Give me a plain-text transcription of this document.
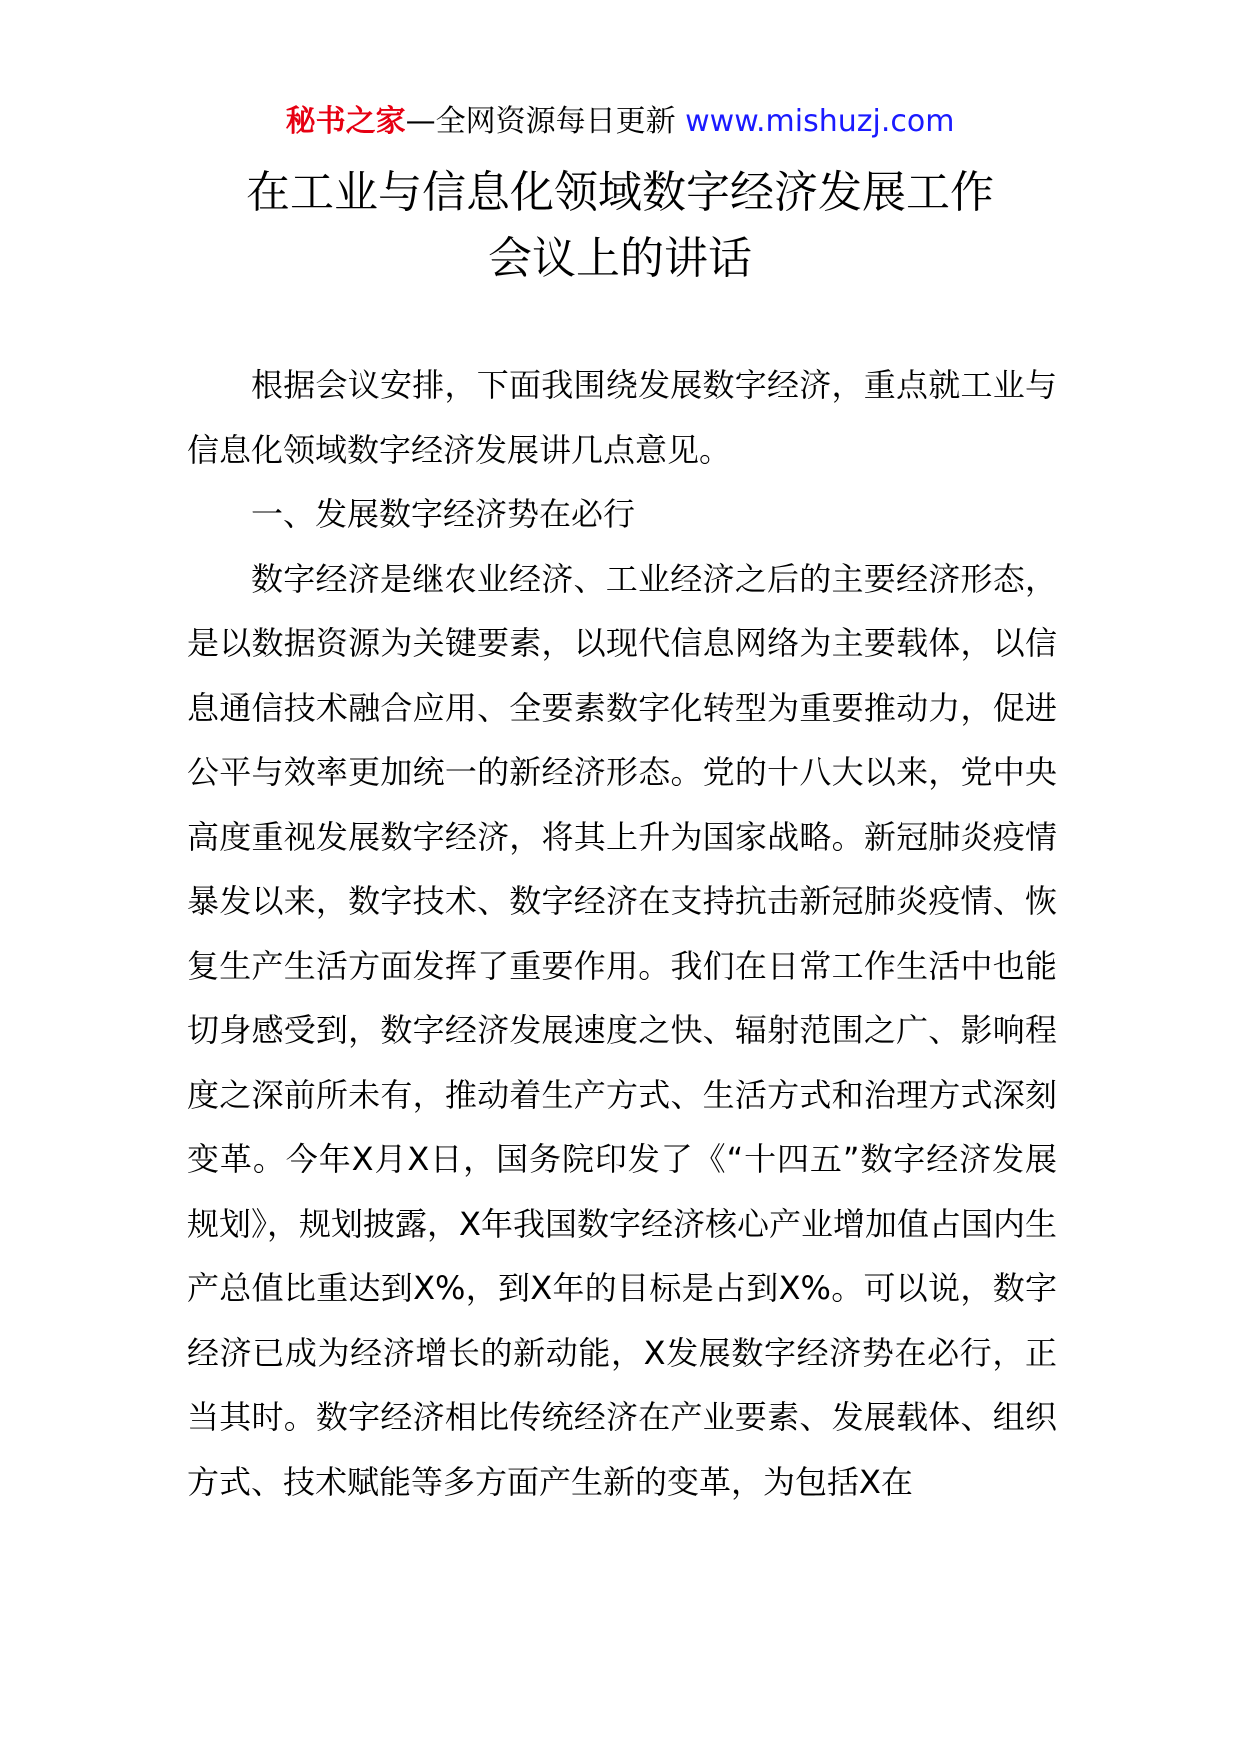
秘书之家—全网资源每日更新 www.mishuzj.com
在工业与信息化领域数字经济发展工作
会议上的讲话

根据会议安排，下面我围绕发展数字经济，重点就工业与信息化领域数字经济发展讲几点意见。

一、发展数字经济势在必行

数字经济是继农业经济、工业经济之后的主要经济形态，是以数据资源为关键要素，以现代信息网络为主要载体，以信息通信技术融合应用、全要素数字化转型为重要推动力，促进公平与效率更加统一的新经济形态。党的十八大以来，党中央高度重视发展数字经济，将其上升为国家战略。新冠肺炎疫情暴发以来，数字技术、数字经济在支持抗击新冠肺炎疫情、恢复生产生活方面发挥了重要作用。我们在日常工作生活中也能切身感受到，数字经济发展速度之快、辐射范围之广、影响程度之深前所未有，推动着生产方式、生活方式和治理方式深刻变革。今年X月X日，国务院印发了《“十四五”数字经济发展规划》，规划披露，X年我国数字经济核心产业增加值占国内生产总值比重达到X%，到X年的目标是占到X%。可以说，数字经济已成为经济增长的新动能，X发展数字经济势在必行，正当其时。数字经济相比传统经济在产业要素、发展载体、组织方式、技术赋能等多方面产生新的变革，为包括X在
